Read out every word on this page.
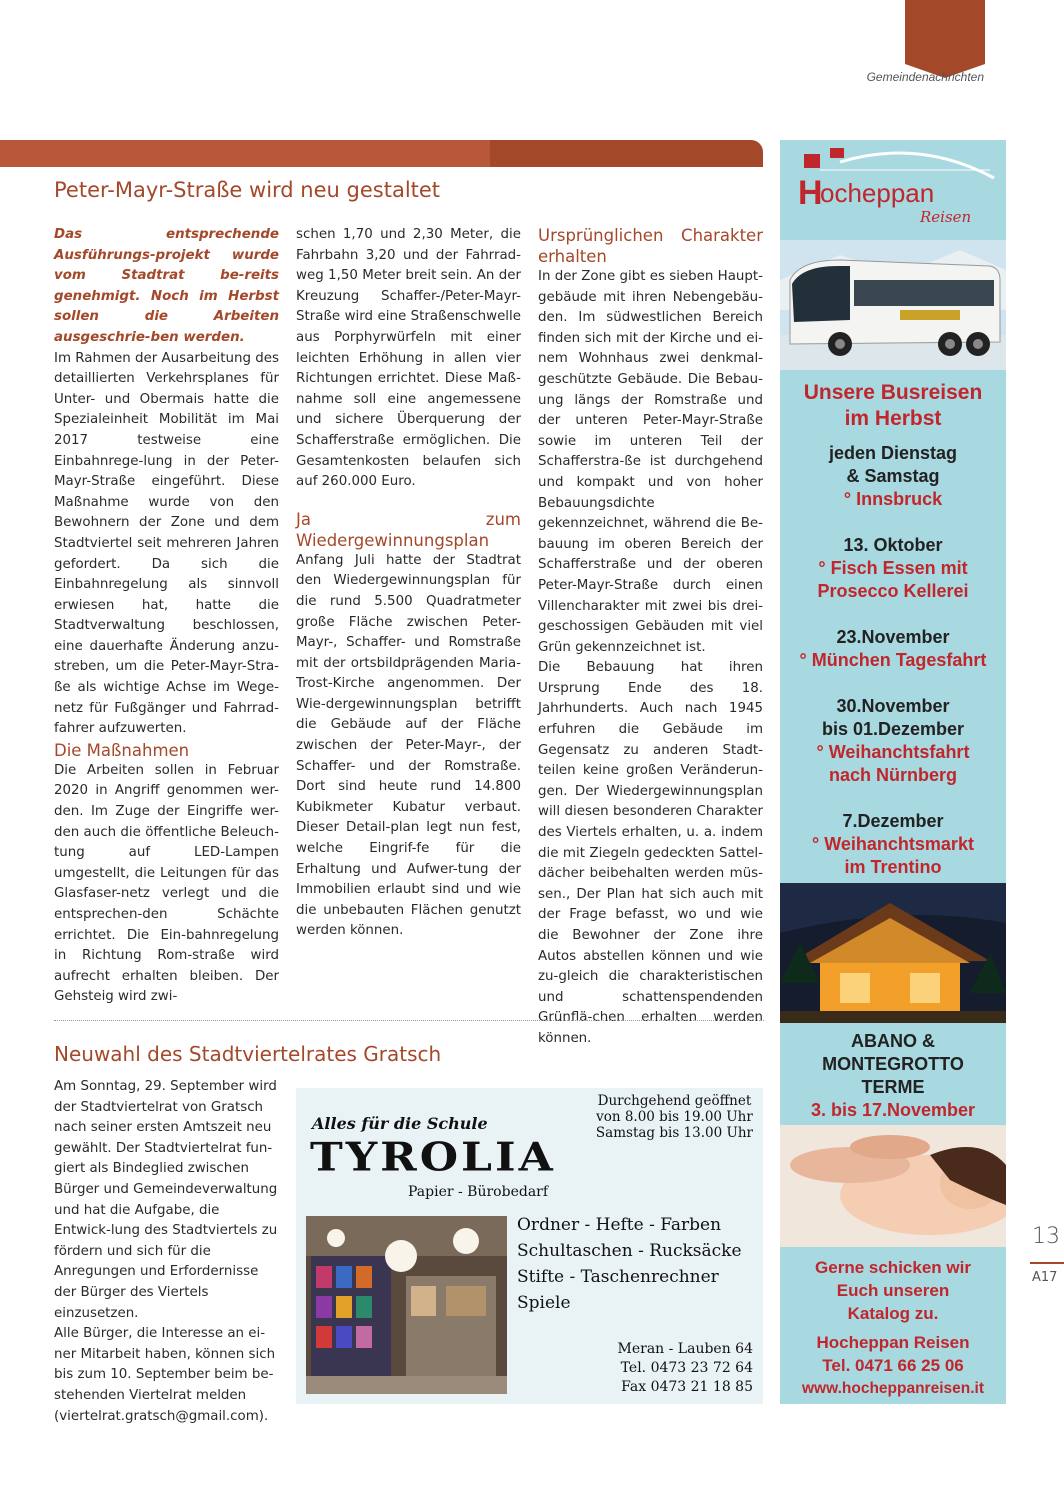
Gemeindenachrichten
Peter-Mayr-Straße wird neu gestaltet

Das entsprechende Ausführungs-projekt wurde vom Stadtrat be-reits genehmigt. Noch im Herbst sollen die Arbeiten ausgeschrie-ben werden.

Im Rahmen der Ausarbeitung des detaillierten Verkehrsplanes für Unter- und Obermais hatte die Spezialeinheit Mobilität im Mai 2017 testweise eine Einbahnrege-lung in der Peter-Mayr-Straße eingeführt. Diese Maßnahme wurde von den Bewohnern der Zone und dem Stadtviertel seit mehreren Jahren gefordert. Da sich die Einbahnregelung als sinnvoll erwiesen hat, hatte die Stadtverwaltung beschlossen, eine dauerhafte Änderung anzu-streben, um die Peter-Mayr-Stra-ße als wichtige Achse im Wege-netz für Fußgänger und Fahrrad-fahrer aufzuwerten.

Die Maßnahmen

Die Arbeiten sollen in Februar 2020 in Angriff genommen wer-den. Im Zuge der Eingriffe wer-den auch die öffentliche Beleuch-tung auf LED-Lampen umgestellt, die Leitungen für das Glasfaser-netz verlegt und die entsprechen-den Schächte errichtet. Die Ein-bahnregelung in Richtung Rom-straße wird aufrecht erhalten bleiben. Der Gehsteig wird zwi-

schen 1,70 und 2,30 Meter, die Fahrbahn 3,20 und der Fahrrad-weg 1,50 Meter breit sein. An der Kreuzung Schaffer-/Peter-Mayr-Straße wird eine Straßenschwelle aus Porphyrwürfeln mit einer leichten Erhöhung in allen vier Richtungen errichtet. Diese Maß-nahme soll eine angemessene und sichere Überquerung der Schafferstraße ermöglichen. Die Gesamtenkosten belaufen sich auf 260.000 Euro.

Ja zum Wiedergewinnungsplan

Anfang Juli hatte der Stadtrat den Wiedergewinnungsplan für die rund 5.500 Quadratmeter große Fläche zwischen Peter-Mayr-, Schaffer- und Romstraße mit der ortsbildprägenden Maria-Trost-Kirche angenommen. Der Wie-dergewinnungsplan betrifft die Gebäude auf der Fläche zwischen der Peter-Mayr-, der Schaffer- und der Romstraße. Dort sind heute rund 14.800 Kubikmeter Kubatur verbaut. Dieser Detail-plan legt nun fest, welche Eingrif-fe für die Erhaltung und Aufwer-tung der Immobilien erlaubt sind und wie die unbebauten Flächen genutzt werden können.

Ursprünglichen Charakter erhalten

In der Zone gibt es sieben Haupt-gebäude mit ihren Nebengebäu-den. Im südwestlichen Bereich finden sich mit der Kirche und ei-nem Wohnhaus zwei denkmal-geschützte Gebäude. Die Bebau-ung längs der Romstraße und der unteren Peter-Mayr-Straße sowie im unteren Teil der Schafferstra-ße ist durchgehend und kompakt und von hoher Bebauungsdichte gekennzeichnet, während die Be-bauung im oberen Bereich der Schafferstraße und der oberen Peter-Mayr-Straße durch einen Villencharakter mit zwei bis drei-geschossigen Gebäuden mit viel Grün gekennzeichnet ist.

Die Bebauung hat ihren Ursprung Ende des 18. Jahrhunderts. Auch nach 1945 erfuhren die Gebäude im Gegensatz zu anderen Stadt-teilen keine großen Veränderun-gen. Der Wiedergewinnungsplan will diesen besonderen Charakter des Viertels erhalten, u. a. indem die mit Ziegeln gedeckten Sattel-dächer beibehalten werden müs-sen., Der Plan hat sich auch mit der Frage befasst, wo und wie die Bewohner der Zone ihre Autos abstellen können und wie zu-gleich die charakteristischen und schattenspendenden Grünflä-chen erhalten werden können.

Neuwahl des Stadtviertelrates Gratsch

Am Sonntag, 29. September wird der Stadtviertelrat von Gratsch nach seiner ersten Amtszeit neu gewählt. Der Stadtviertelrat fun-giert als Bindeglied zwischen Bürger und Gemeindeverwaltung und hat die Aufgabe, die Entwick-lung des Stadtviertels zu fördern und sich für die Anregungen und Erfordernisse der Bürger des Viertels einzusetzen.

Alle Bürger, die Interesse an ei-ner Mitarbeit haben, können sich bis zum 10. September beim be-stehenden Viertelrat melden (viertelrat.gratsch@gmail.com).

Durchgehend geöffnet
von 8.00 bis 19.00 Uhr
Samstag bis 13.00 Uhr
Alles für die Schule
TYROLIA
Papier - Bürobedarf
Ordner - Hefte - Farben
Schultaschen - Rucksäcke
Stifte - Taschenrechner
Spiele
Meran - Lauben 64
Tel. 0473 23 72 64
Fax 0473 21 18 85
H
ocheppan
Reisen
Unsere Busreisen
im Herbst
jeden Dienstag
& Samstag
° Innsbruck
13. Oktober
° Fisch Essen mit
Prosecco Kellerei
23.November
° München Tagesfahrt
30.November
bis 01.Dezember
° Weihanchtsfahrt
nach Nürnberg
7.Dezember
° Weihanchtsmarkt
im Trentino
ABANO &
MONTEGROTTO
TERME
3. bis 17.November
Gerne schicken wir
Euch unseren
Katalog zu.
Hocheppan Reisen
Tel. 0471 66 25 06
www.hocheppanreisen.it
13
A17
